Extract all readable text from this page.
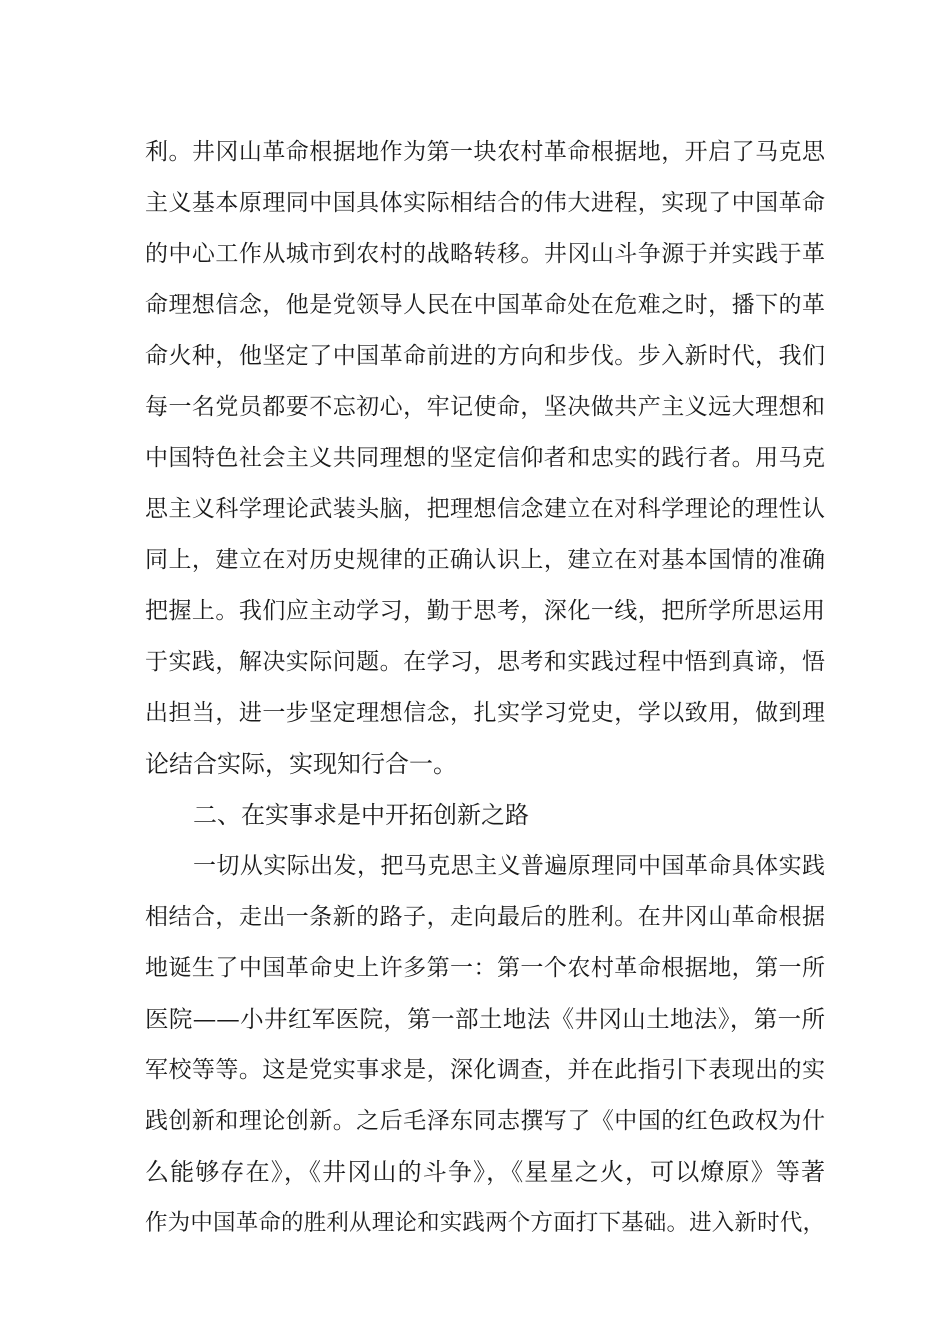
利。井冈山革命根据地作为第一块农村革命根据地，开启了马克思
主义基本原理同中国具体实际相结合的伟大进程，实现了中国革命
的中心工作从城市到农村的战略转移。井冈山斗争源于并实践于革
命理想信念，他是党领导人民在中国革命处在危难之时，播下的革
命火种，他坚定了中国革命前进的方向和步伐。步入新时代，我们
每一名党员都要不忘初心，牢记使命，坚决做共产主义远大理想和
中国特色社会主义共同理想的坚定信仰者和忠实的践行者。用马克
思主义科学理论武装头脑，把理想信念建立在对科学理论的理性认
同上，建立在对历史规律的正确认识上，建立在对基本国情的准确
把握上。我们应主动学习，勤于思考，深化一线，把所学所思运用
于实践，解决实际问题。在学习，思考和实践过程中悟到真谛，悟
出担当，进一步坚定理想信念，扎实学习党史，学以致用，做到理
论结合实际，实现知行合一。
二、在实事求是中开拓创新之路
一切从实际出发，把马克思主义普遍原理同中国革命具体实践
相结合，走出一条新的路子，走向最后的胜利。在井冈山革命根据
地诞生了中国革命史上许多第一：第一个农村革命根据地，第一所
医院——小井红军医院，第一部土地法《井冈山土地法》，第一所
军校等等。这是党实事求是，深化调查，并在此指引下表现出的实
践创新和理论创新。之后毛泽东同志撰写了《中国的红色政权为什
么能够存在》，《井冈山的斗争》，《星星之火，可以燎原》等著
作为中国革命的胜利从理论和实践两个方面打下基础。进入新时代，
